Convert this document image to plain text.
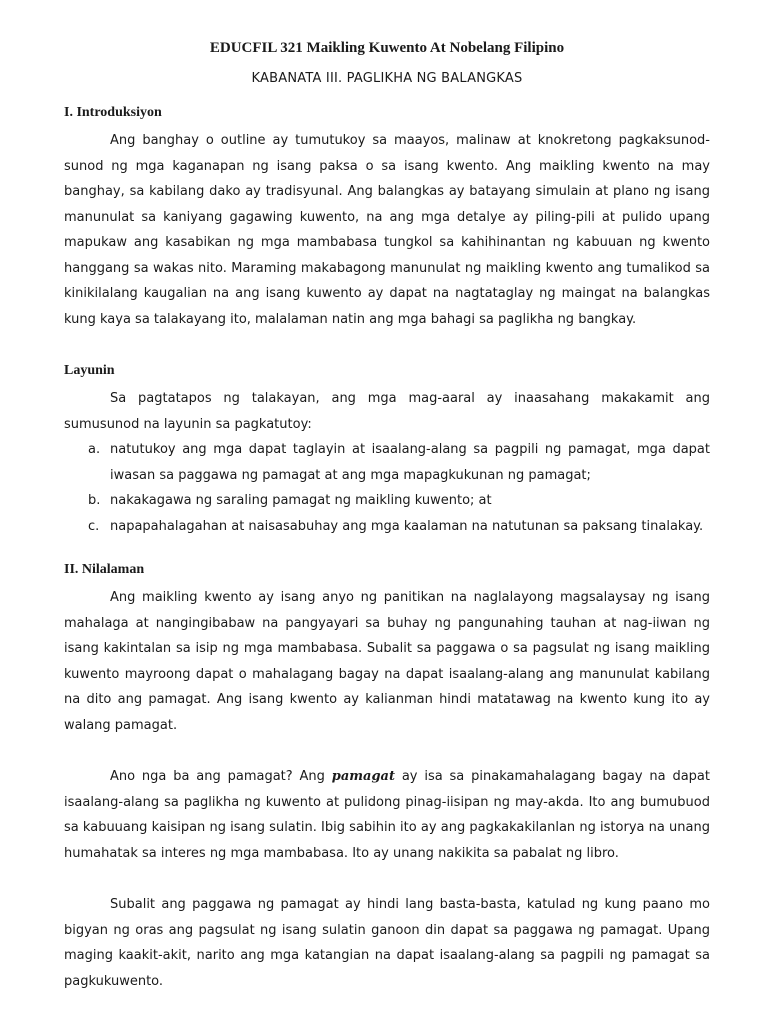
EDUCFIL 321 Maikling Kuwento At Nobelang Filipino
KABANATA III. PAGLIKHA NG BALANGKAS
I. Introduksiyon

Ang banghay o outline ay tumutukoy sa maayos, malinaw at knokretong pagkaksunod-sunod ng mga kaganapan ng isang paksa o sa isang kwento. Ang maikling kwento na may banghay, sa kabilang dako ay tradisyunal. Ang balangkas ay batayang simulain at plano ng isang manunulat sa kaniyang gagawing kuwento, na ang mga detalye ay piling-pili at pulido upang mapukaw ang kasabikan ng mga mambabasa tungkol sa kahihinantan ng kabuuan ng kwento hanggang sa wakas nito. Maraming makabagong manunulat ng maikling kwento ang tumalikod sa kinikilalang kaugalian na ang isang kuwento ay dapat na nagtataglay ng maingat na balangkas kung kaya sa talakayang ito, malalaman natin ang mga bahagi sa paglikha ng bangkay.

Layunin

Sa pagtatapos ng talakayan, ang mga mag-aaral ay inaasahang makakamit ang sumusunod na layunin sa pagkatutoy:

a. natutukoy ang mga dapat taglayin at isaalang-alang sa pagpili ng pamagat, mga dapat iwasan sa paggawa ng pamagat at ang mga mapagkukunan ng pamagat;
b. nakakagawa ng saraling pamagat ng maikling kuwento; at
c. napapahalagahan at naisasabuhay ang mga kaalaman na natutunan sa paksang tinalakay.
II. Nilalaman

Ang maikling kwento ay isang anyo ng panitikan na naglalayong magsalaysay ng isang mahalaga at nangingibabaw na pangyayari sa buhay ng pangunahing tauhan at nag-iiwan ng isang kakintalan sa isip ng mga mambabasa. Subalit sa paggawa o sa pagsulat ng isang maikling kuwento mayroong dapat o mahalagang bagay na dapat isaalang-alang ang manunulat kabilang na dito ang pamagat. Ang isang kwento ay kalianman hindi matatawag na kwento kung ito ay walang pamagat.

Ano nga ba ang pamagat? Ang pamagat ay isa sa pinakamahalagang bagay na dapat isaalang-alang sa paglikha ng kuwento at pulidong pinag-iisipan ng may-akda. Ito ang bumubuod sa kabuuang kaisipan ng isang sulatin. Ibig sabihin ito ay ang pagkakakilanlan ng istorya na unang humahatak sa interes ng mga mambabasa. Ito ay unang nakikita sa pabalat ng libro.

Subalit ang paggawa ng pamagat ay hindi lang basta-basta, katulad ng kung paano mo bigyan ng oras ang pagsulat ng isang sulatin ganoon din dapat sa paggawa ng pamagat. Upang maging kaakit-akit, narito ang mga katangian na dapat isaalang-alang sa pagpili ng pamagat sa pagkukuwento.
